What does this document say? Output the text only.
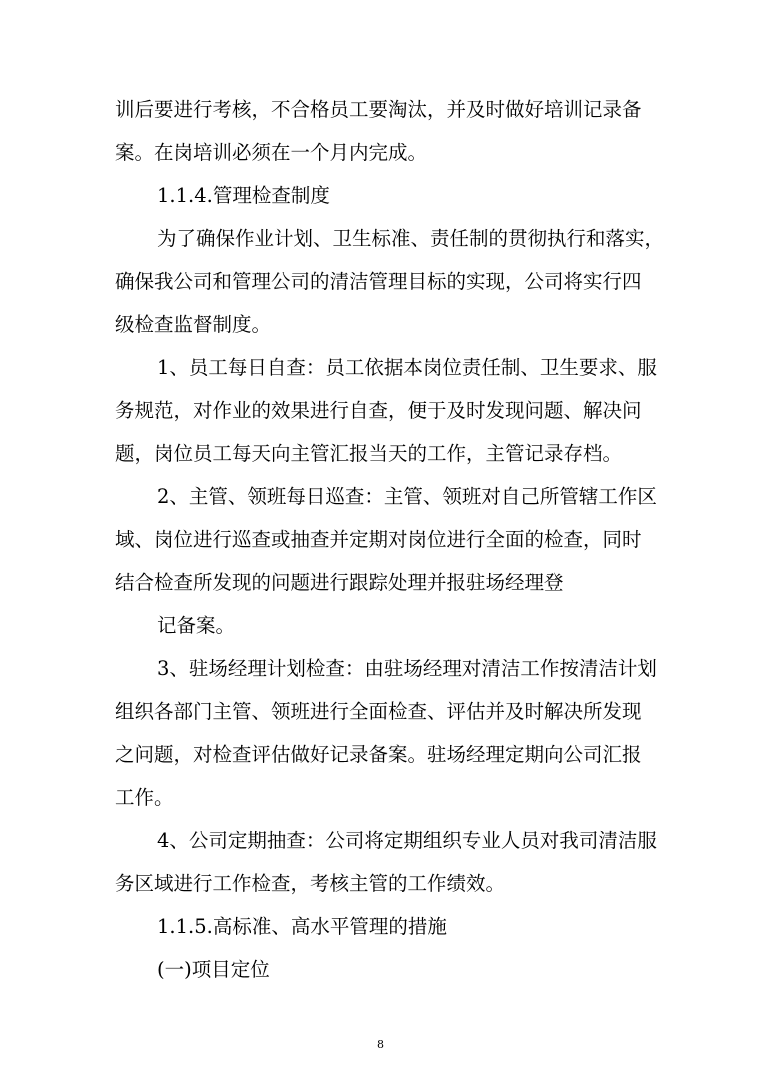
训后要进行考核，不合格员工要淘汰，并及时做好培训记录备
案。在岗培训必须在一个月内完成。
1.1.4.管理检查制度
为了确保作业计划、卫生标准、责任制的贯彻执行和落实，
确保我公司和管理公司的清洁管理目标的实现，公司将实行四
级检查监督制度。
1、员工每日自查：员工依据本岗位责任制、卫生要求、服
务规范，对作业的效果进行自查，便于及时发现问题、解决问
题，岗位员工每天向主管汇报当天的工作，主管记录存档。
2、主管、领班每日巡查：主管、领班对自己所管辖工作区
域、岗位进行巡查或抽查并定期对岗位进行全面的检查，同时
结合检查所发现的问题进行跟踪处理并报驻场经理登
记备案。
3、驻场经理计划检查：由驻场经理对清洁工作按清洁计划
组织各部门主管、领班进行全面检查、评估并及时解决所发现
之问题，对检查评估做好记录备案。驻场经理定期向公司汇报
工作。
4、公司定期抽查：公司将定期组织专业人员对我司清洁服
务区域进行工作检查，考核主管的工作绩效。
1.1.5.高标准、高水平管理的措施
(一)项目定位
8
